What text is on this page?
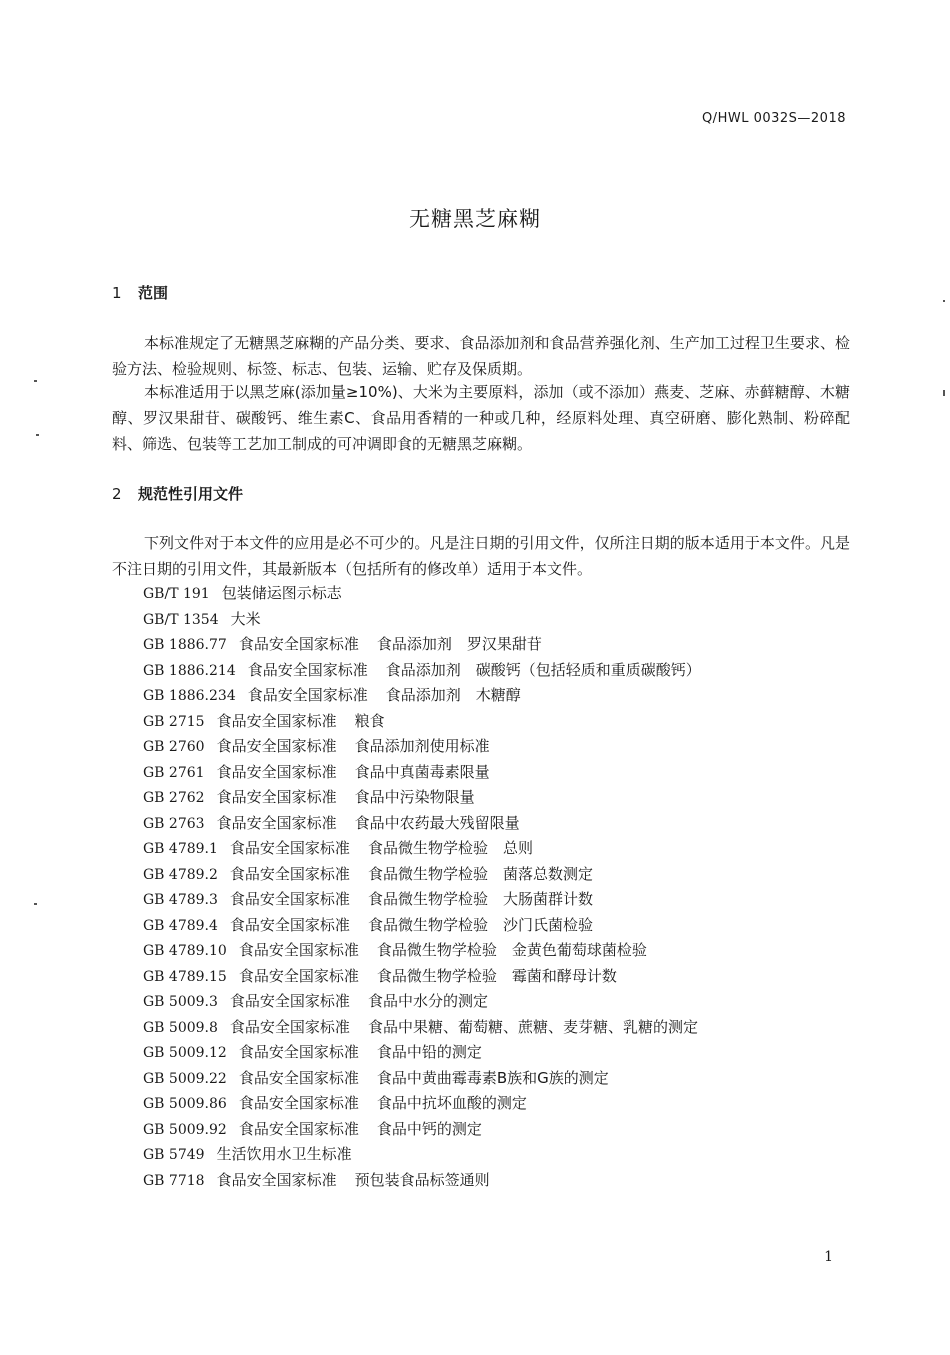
Q/HWL 0032S—2018
无糖黑芝麻糊
1 范围
本标准规定了无糖黑芝麻糊的产品分类、要求、食品添加剂和食品营养强化剂、生产加工过程卫生要求、检验方法、检验规则、标签、标志、包装、运输、贮存及保质期。
本标准适用于以黑芝麻(添加量≥10%)、大米为主要原料，添加（或不添加）燕麦、芝麻、赤藓糖醇、木糖醇、罗汉果甜苷、碳酸钙、维生素C、食品用香精的一种或几种，经原料处理、真空研磨、膨化熟制、粉碎配料、筛选、包装等工艺加工制成的可冲调即食的无糖黑芝麻糊。
2 规范性引用文件
下列文件对于本文件的应用是必不可少的。凡是注日期的引用文件，仅所注日期的版本适用于本文件。凡是不注日期的引用文件，其最新版本（包括所有的修改单）适用于本文件。
GB/T 191 包装储运图示标志
GB/T 1354 大米
GB 1886.77 食品安全国家标准 食品添加剂　罗汉果甜苷
GB 1886.214 食品安全国家标准 食品添加剂　碳酸钙（包括轻质和重质碳酸钙）
GB 1886.234 食品安全国家标准 食品添加剂　木糖醇
GB 2715 食品安全国家标准 粮食
GB 2760 食品安全国家标准 食品添加剂使用标准
GB 2761 食品安全国家标准 食品中真菌毒素限量
GB 2762 食品安全国家标准 食品中污染物限量
GB 2763 食品安全国家标准 食品中农药最大残留限量
GB 4789.1 食品安全国家标准 食品微生物学检验　总则
GB 4789.2 食品安全国家标准 食品微生物学检验　菌落总数测定
GB 4789.3 食品安全国家标准 食品微生物学检验　大肠菌群计数
GB 4789.4 食品安全国家标准 食品微生物学检验　沙门氏菌检验
GB 4789.10 食品安全国家标准 食品微生物学检验　金黄色葡萄球菌检验
GB 4789.15 食品安全国家标准 食品微生物学检验　霉菌和酵母计数
GB 5009.3 食品安全国家标准 食品中水分的测定
GB 5009.8 食品安全国家标准 食品中果糖、葡萄糖、蔗糖、麦芽糖、乳糖的测定
GB 5009.12 食品安全国家标准 食品中铅的测定
GB 5009.22 食品安全国家标准 食品中黄曲霉毒素B族和G族的测定
GB 5009.86 食品安全国家标准 食品中抗坏血酸的测定
GB 5009.92 食品安全国家标准 食品中钙的测定
GB 5749 生活饮用水卫生标准
GB 7718 食品安全国家标准 预包装食品标签通则
1
